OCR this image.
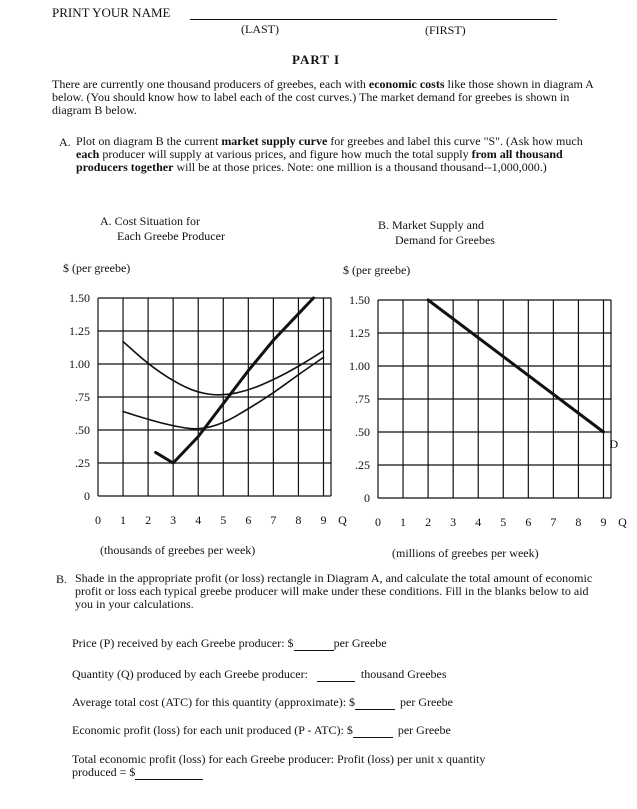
PRINT YOUR NAME
(LAST)	(FIRST)
PART I
There are currently one thousand producers of greebes, each with economic costs like those shown in diagram A below. (You should know how to label each of the cost curves.) The market demand for greebes is shown in diagram B below.
A. Plot on diagram B the current market supply curve for greebes and label this curve "S". (Ask how much each producer will supply at various prices, and figure how much the total supply from all thousand producers together will be at those prices. Note: one million is a thousand thousand--1,000,000.)
A. Cost Situation for
Each Greebe Producer
$ (per greebe)
B. Market Supply and
Demand for Greebes
$ (per greebe)
1.50
1.25
1.00
.75
.50
.25
0
0 1 2 3 4 5 6 7 8 9 Q
1.50
1.25
1.00
.75
.50
.25
0
0 1 2 3 4 5 6 7 8 9 Q
D
(thousands of greebes per week)	(millions of greebes per week)
B. Shade in the appropriate profit (or loss) rectangle in Diagram A, and calculate the total amount of economic profit or loss each typical greebe producer will make under these conditions. Fill in the blanks below to aid you in your calculations.
Price (P) received by each Greebe producer: $	per Greebe
Quantity (Q) produced by each Greebe producer:	thousand Greebes
Average total cost (ATC) for this quantity (approximate): $	per Greebe
Economic profit (loss) for each unit produced (P - ATC): $	per Greebe
Total economic profit (loss) for each Greebe producer: Profit (loss) per unit x quantity
produced = $
